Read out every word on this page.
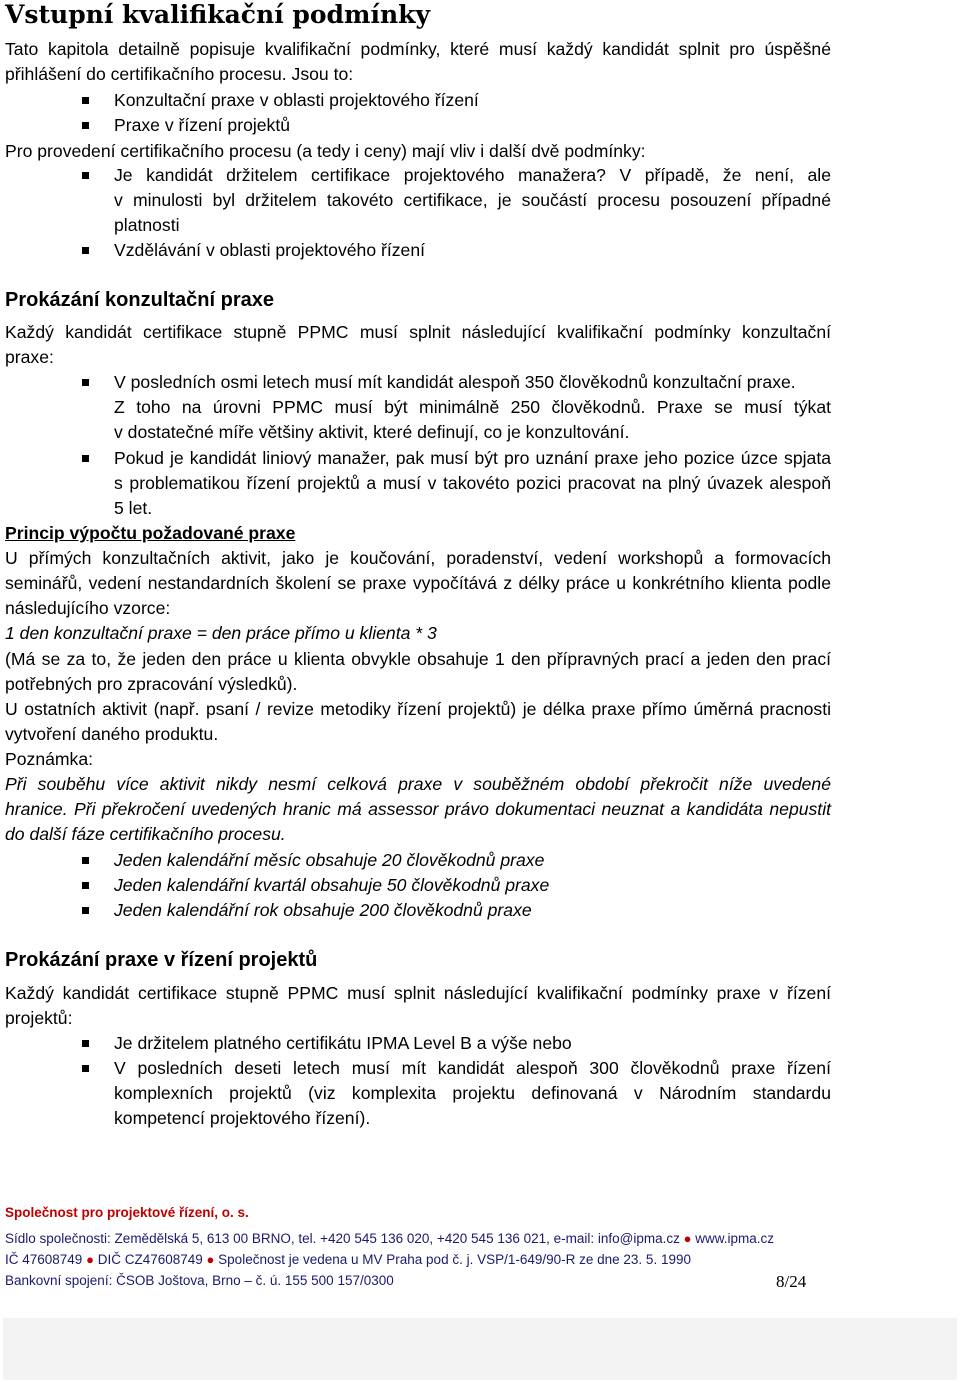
Vstupní kvalifikační podmínky
Tato kapitola detailně popisuje kvalifikační podmínky, které musí každý kandidát splnit pro úspěšné
přihlášení do certifikačního procesu. Jsou to:
Konzultační praxe v oblasti projektového řízení
Praxe v řízení projektů
Pro provedení certifikačního procesu (a tedy i ceny) mají vliv i další dvě podmínky:
Je kandidát držitelem certifikace projektového manažera? V případě, že není, ale
v minulosti byl držitelem takovéto certifikace, je součástí procesu posouzení případné
platnosti
Vzdělávání v oblasti projektového řízení
Prokázání konzultační praxe
Každý kandidát certifikace stupně PPMC musí splnit následující kvalifikační podmínky konzultační
praxe:
V posledních osmi letech musí mít kandidát alespoň 350 člověkodnů konzultační praxe.
Z toho na úrovni PPMC musí být minimálně 250 člověkodnů. Praxe se musí týkat
v dostatečné míře většiny aktivit, které definují, co je konzultování.
Pokud je kandidát liniový manažer, pak musí být pro uznání praxe jeho pozice úzce spjata
s problematikou řízení projektů a musí v takovéto pozici pracovat na plný úvazek alespoň
5 let.
Princip výpočtu požadované praxe
U přímých konzultačních aktivit, jako je koučování, poradenství, vedení workshopů a formovacích
seminářů, vedení nestandardních školení se praxe vypočítává z délky práce u konkrétního klienta podle
následujícího vzorce:
1 den konzultační praxe = den práce přímo u klienta * 3
(Má se za to, že jeden den práce u klienta obvykle obsahuje 1 den přípravných prací a jeden den prací
potřebných pro zpracování výsledků).
U ostatních aktivit (např. psaní / revize metodiky řízení projektů) je délka praxe přímo úměrná pracnosti
vytvoření daného produktu.
Poznámka:
Při souběhu více aktivit nikdy nesmí celková praxe v souběžném období překročit níže uvedené
hranice. Při překročení uvedených hranic má assessor právo dokumentaci neuznat a kandidáta nepustit
do další fáze certifikačního procesu.
Jeden kalendářní měsíc obsahuje 20 člověkodnů praxe
Jeden kalendářní kvartál obsahuje 50 člověkodnů praxe
Jeden kalendářní rok obsahuje 200 člověkodnů praxe
Prokázání praxe v řízení projektů
Každý kandidát certifikace stupně PPMC musí splnit následující kvalifikační podmínky praxe v řízení
projektů:
Je držitelem platného certifikátu IPMA Level B a výše nebo
V posledních deseti letech musí mít kandidát alespoň 300 člověkodnů praxe řízení
komplexních projektů (viz komplexita projektu definovaná v Národním standardu
kompetencí projektového řízení).
Společnost pro projektové řízení, o. s.
Sídlo společnosti: Zemědělská 5, 613 00 BRNO, tel. +420 545 136 020, +420 545 136 021, e-mail: info@ipma.cz ● www.ipma.cz
IČ 47608749 ● DIČ CZ47608749 ● Společnost je vedena u MV Praha pod č. j. VSP/1-649/90-R ze dne 23. 5. 1990
Bankovní spojení: ČSOB Joštova, Brno – č. ú. 155 500 157/0300	8/24
